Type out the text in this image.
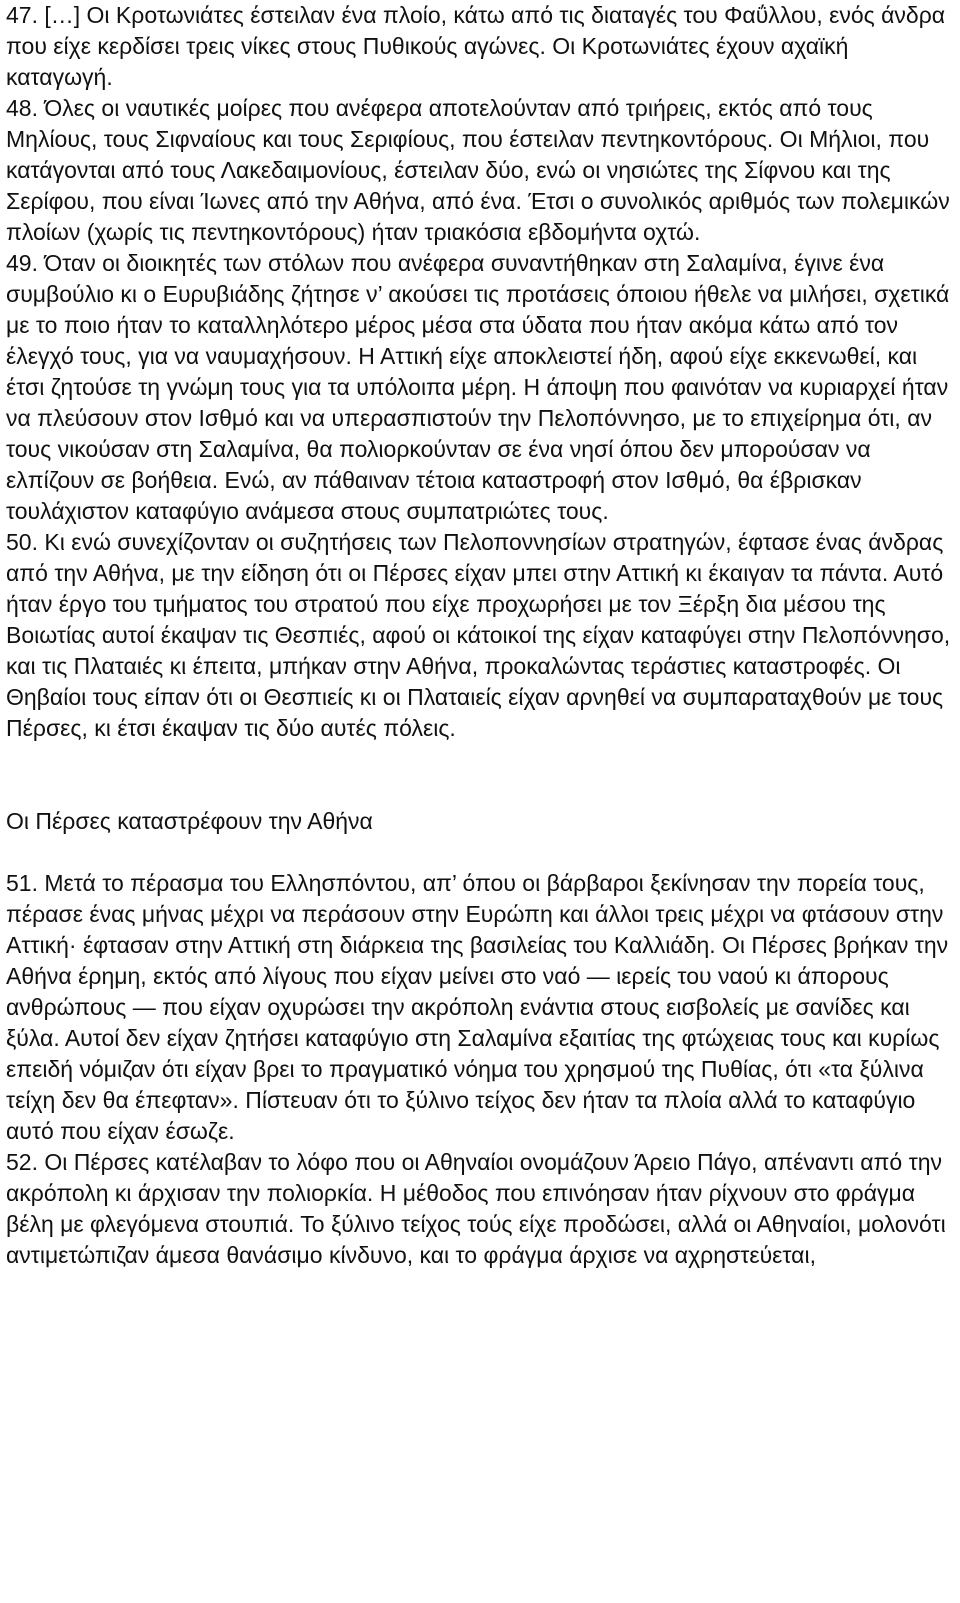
47. […] Οι Κροτωνιάτες έστειλαν ένα πλοίο, κάτω από τις διαταγές του Φαΰλλου, ενός άνδρα που είχε κερδίσει τρεις νίκες στους Πυθικούς αγώνες. Οι Κροτωνιάτες έχουν αχαϊκή καταγωγή.

48. Όλες οι ναυτικές μοίρες που ανέφερα αποτελούνταν από τριήρεις, εκτός από τους Μηλίους, τους Σιφναίους και τους Σεριφίους, που έστειλαν πεντηκοντόρους. Οι Μήλιοι, που κατάγονται από τους Λακεδαιμονίους, έστειλαν δύο, ενώ οι νησιώτες της Σίφνου και της Σερίφου, που είναι Ίωνες από την Αθήνα, από ένα. Έτσι ο συνολικός αριθμός των πολεμικών πλοίων (χωρίς τις πεντηκοντόρους) ήταν τριακόσια εβδομήντα οχτώ.

49. Όταν οι διοικητές των στόλων που ανέφερα συναντήθηκαν στη Σαλαμίνα, έγινε ένα συμβούλιο κι ο Ευρυβιάδης ζήτησε ν’ ακούσει τις προτάσεις όποιου ήθελε να μιλήσει, σχετικά με το ποιο ήταν το καταλληλότερο μέρος μέσα στα ύδατα που ήταν ακόμα κάτω από τον έλεγχό τους, για να ναυμαχήσουν. Η Αττική είχε αποκλειστεί ήδη, αφού είχε εκκενωθεί, και έτσι ζητούσε τη γνώμη τους για τα υπόλοιπα μέρη. Η άποψη που φαινόταν να κυριαρχεί ήταν να πλεύσουν στον Ισθμό και να υπερασπιστούν την Πελοπόννησο, με το επιχείρημα ότι, αν τους νικούσαν στη Σαλαμίνα, θα πολιορκούνταν σε ένα νησί όπου δεν μπορούσαν να ελπίζουν σε βοήθεια. Ενώ, αν πάθαιναν τέτοια καταστροφή στον Ισθμό, θα έβρισκαν τουλάχιστον καταφύγιο ανάμεσα στους συμπατριώτες τους.

50. Κι ενώ συνεχίζονταν οι συζητήσεις των Πελοποννησίων στρατηγών, έφτασε ένας άνδρας από την Αθήνα, με την είδηση ότι οι Πέρσες είχαν μπει στην Αττική κι έκαιγαν τα πάντα. Αυτό ήταν έργο του τμήματος του στρατού που είχε προχωρήσει με τον Ξέρξη δια μέσου της Βοιωτίας αυτοί έκαψαν τις Θεσπιές, αφού οι κάτοικοί της είχαν καταφύγει στην Πελοπόννησο, και τις Πλαταιές κι έπειτα, μπήκαν στην Αθήνα, προκαλώντας τεράστιες καταστροφές. Οι Θηβαίοι τους είπαν ότι οι Θεσπιείς κι οι Πλαταιείς είχαν αρνηθεί να συμπαραταχθούν με τους Πέρσες, κι έτσι έκαψαν τις δύο αυτές πόλεις.

Οι Πέρσες καταστρέφουν την Αθήνα

51. Μετά το πέρασμα του Ελλησπόντου, απ’ όπου οι βάρβαροι ξεκίνησαν την πορεία τους, πέρασε ένας μήνας μέχρι να περάσουν στην Ευρώπη και άλλοι τρεις μέχρι να φτάσουν στην Αττική· έφτασαν στην Αττική στη διάρκεια της βασιλείας του Καλλιάδη. Οι Πέρσες βρήκαν την Αθήνα έρημη, εκτός από λίγους που είχαν μείνει στο ναό — ιερείς του ναού κι άπορους ανθρώπους — που είχαν οχυρώσει την ακρόπολη ενάντια στους εισβολείς με σανίδες και ξύλα. Αυτοί δεν είχαν ζητήσει καταφύγιο στη Σαλαμίνα εξαιτίας της φτώχειας τους και κυρίως επειδή νόμιζαν ότι είχαν βρει το πραγματικό νόημα του χρησμού της Πυθίας, ότι «τα ξύλινα τείχη δεν θα έπεφταν». Πίστευαν ότι το ξύλινο τείχος δεν ήταν τα πλοία αλλά το καταφύγιο αυτό που είχαν έσωζε.

52. Οι Πέρσες κατέλαβαν το λόφο που οι Αθηναίοι ονομάζουν Άρειο Πάγο, απέναντι από την ακρόπολη κι άρχισαν την πολιορκία. Η μέθοδος που επινόησαν ήταν ρίχνουν στο φράγμα βέλη με φλεγόμενα στουπιά. Το ξύλινο τείχος τούς είχε προδώσει, αλλά οι Αθηναίοι, μολονότι αντιμετώπιζαν άμεσα θανάσιμο κίνδυνο, και το φράγμα άρχισε να αχρηστεύεται,
